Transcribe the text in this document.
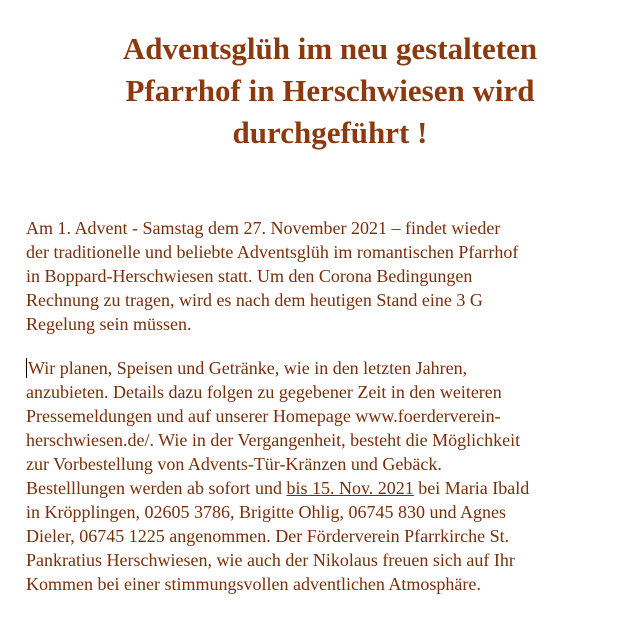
Adventsglüh im neu gestalteten
Pfarrhof in Herschwiesen wird
durchgeführt !

Am 1. Advent - Samstag dem 27. November 2021 – findet wieder
der traditionelle und beliebte Adventsglüh im romantischen Pfarrhof
in Boppard-Herschwiesen statt. Um den Corona Bedingungen
Rechnung zu tragen, wird es nach dem heutigen Stand eine 3 G
Regelung sein müssen.

Wir planen, Speisen und Getränke, wie in den letzten Jahren,
anzubieten. Details dazu folgen zu gegebener Zeit in den weiteren
Pressemeldungen und auf unserer Homepage www.foerderverein-
herschwiesen.de/. Wie in der Vergangenheit, besteht die Möglichkeit
zur Vorbestellung von Advents-Tür-Kränzen und Gebäck.
Bestelllungen werden ab sofort und bis 15. Nov. 2021 bei Maria Ibald
in Kröpplingen, 02605 3786, Brigitte Ohlig, 06745 830 und Agnes
Dieler, 06745 1225 angenommen. Der Förderverein Pfarrkirche St.
Pankratius Herschwiesen, wie auch der Nikolaus freuen sich auf Ihr
Kommen bei einer stimmungsvollen adventlichen Atmosphäre.
